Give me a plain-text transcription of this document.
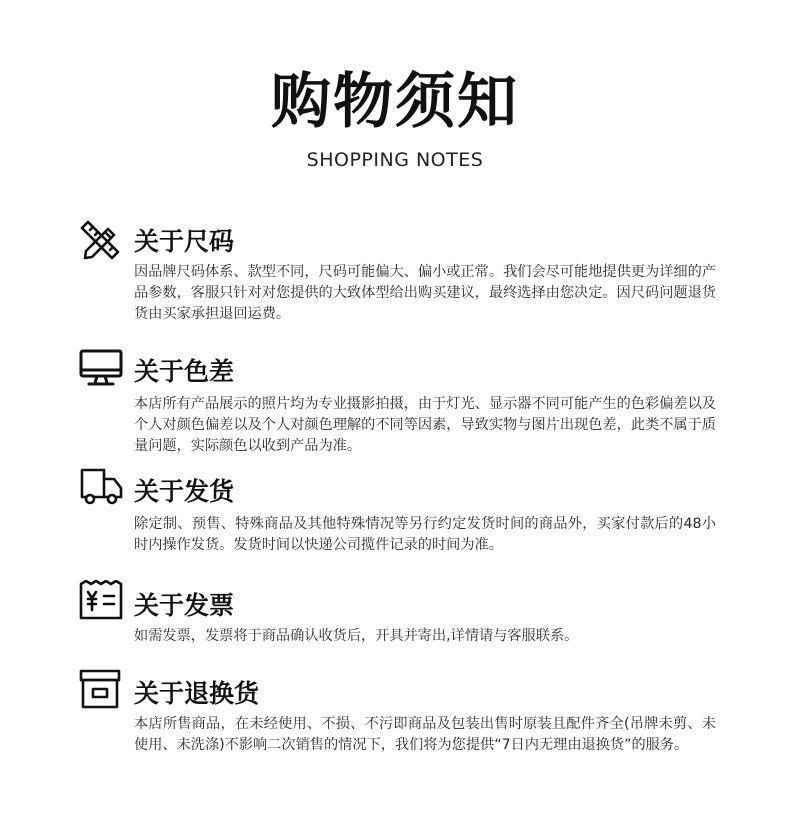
购物须知
SHOPPING NOTES
关于尺码
因品牌尺码体系、款型不同，尺码可能偏大、偏小或正常。我们会尽可能地提供更为详细的产品参数，客服只针对对您提供的大致体型给出购买建议，最终选择由您决定。因尺码问题退货货由买家承担退回运费。
关于色差
本店所有产品展示的照片均为专业摄影拍摄，由于灯光、显示器不同可能产生的色彩偏差以及个人对颜色偏差以及个人对颜色理解的不同等因素，导致实物与图片出现色差，此类不属于质量问题，实际颜色以收到产品为准。
关于发货
除定制、预售、特殊商品及其他特殊情况等另行约定发货时间的商品外，买家付款后的48小时内操作发货。发货时间以快递公司揽件记录的时间为准。
关于发票
如需发票，发票将于商品确认收货后，开具并寄出,详情请与客服联系。
关于退换货
本店所售商品，在未经使用、不损、不污即商品及包装出售时原装且配件齐全(吊牌未剪、未使用、未洗涤)不影响二次销售的情况下，我们将为您提供“7日内无理由退换货”的服务。
